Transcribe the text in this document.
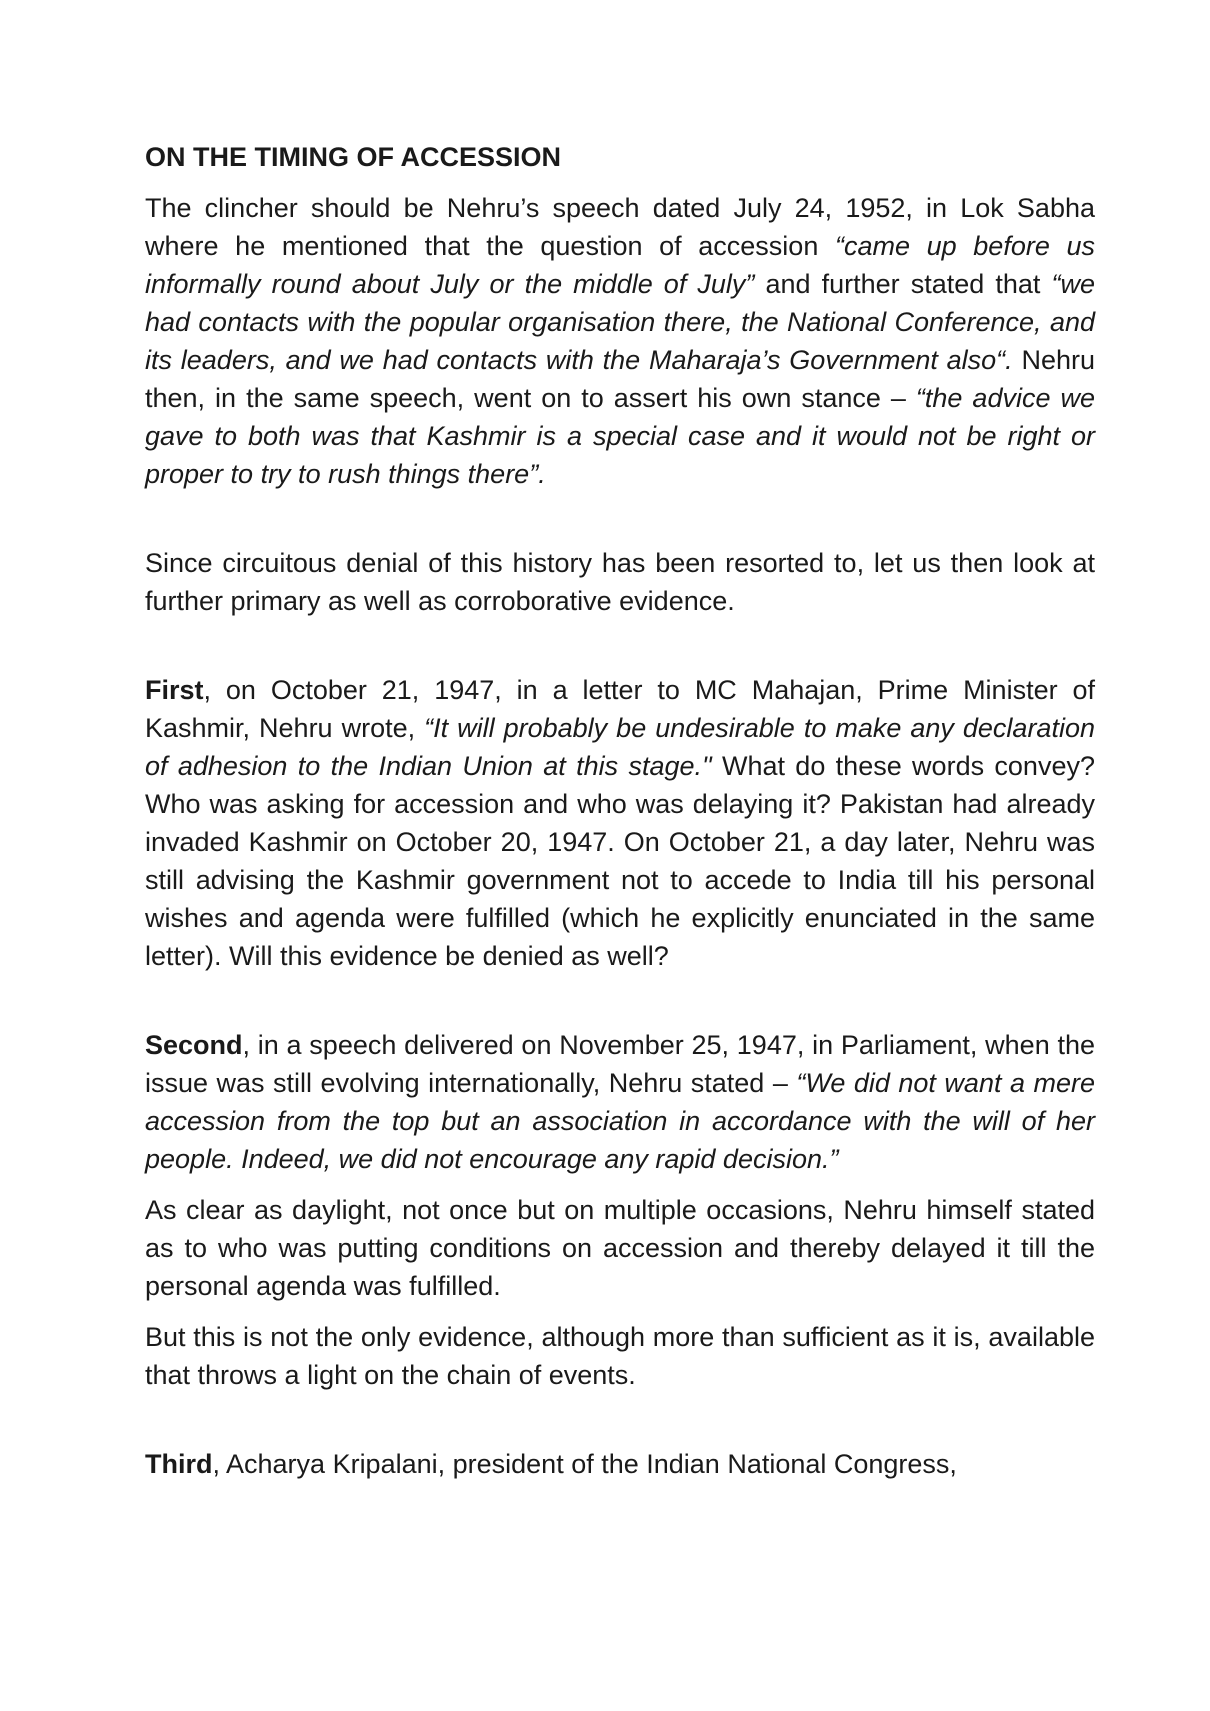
ON THE TIMING OF ACCESSION

The clincher should be Nehru’s speech dated July 24, 1952, in Lok Sabha where he mentioned that the question of accession “came up before us informally round about July or the middle of July” and further stated that “we had contacts with the popular organisation there, the National Conference, and its leaders, and we had contacts with the Maharaja’s Government also“. Nehru then, in the same speech, went on to assert his own stance – “the advice we gave to both was that Kashmir is a special case and it would not be right or proper to try to rush things there”.

Since circuitous denial of this history has been resorted to, let us then look at further primary as well as corroborative evidence.

First, on October 21, 1947, in a letter to MC Mahajan, Prime Minister of Kashmir, Nehru wrote, “It will probably be undesirable to make any declaration of adhesion to the Indian Union at this stage." What do these words convey? Who was asking for accession and who was delaying it? Pakistan had already invaded Kashmir on October 20, 1947. On October 21, a day later, Nehru was still advising the Kashmir government not to accede to India till his personal wishes and agenda were fulfilled (which he explicitly enunciated in the same letter). Will this evidence be denied as well?

Second, in a speech delivered on November 25, 1947, in Parliament, when the issue was still evolving internationally, Nehru stated – “We did not want a mere accession from the top but an association in accordance with the will of her people. Indeed, we did not encourage any rapid decision.”

As clear as daylight, not once but on multiple occasions, Nehru himself stated as to who was putting conditions on accession and thereby delayed it till the personal agenda was fulfilled.

But this is not the only evidence, although more than sufficient as it is, available that throws a light on the chain of events.

Third, Acharya Kripalani, president of the Indian National Congress,
